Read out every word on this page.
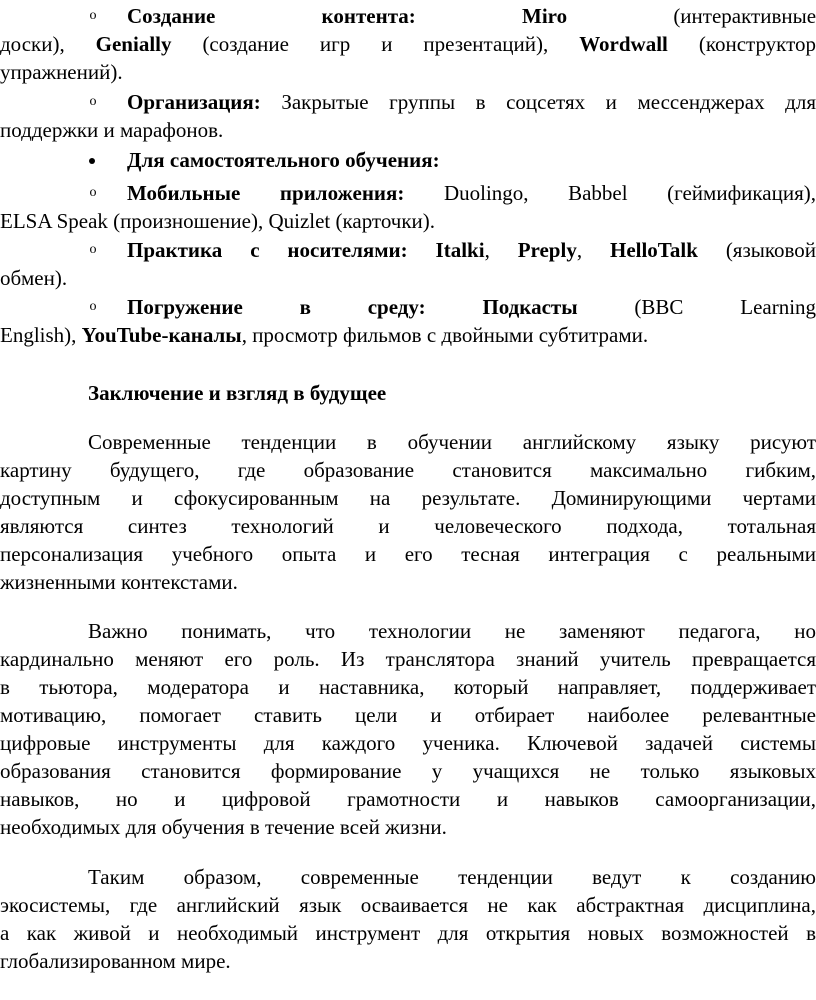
o Создание контента:	Miro	(интерактивные
доски), Genially (создание игр и презентаций), Wordwall (конструктор
упражнений).
o Организация: Закрытые группы в соцсетях и мессенджерах для
поддержки и марафонов.
Для самостоятельного обучения:
o Мобильные приложения: Duolingo, Babbel (геймификация),
ELSA Speak (произношение), Quizlet (карточки).
o Практика с носителями: Italki, Preply, HelloTalk (языковой
обмен).
o Погружение в среду:	Подкасты	(BBC Learning
English), YouTube-каналы, просмотр фильмов с двойными субтитрами.
Заключение и взгляд в будущее
Современные тенденции в обучении английскому языку рисуют
картину будущего, где образование становится максимально гибким,
доступным и сфокусированным на результате. Доминирующими чертами
являются синтез технологий и человеческого подхода, тотальная
персонализация учебного опыта и его тесная интеграция с реальными
жизненными контекстами.
Важно понимать, что технологии не заменяют педагога, но
кардинально меняют его роль. Из транслятора знаний учитель превращается
в тьютора, модератора и наставника, который направляет, поддерживает
мотивацию, помогает ставить цели и отбирает наиболее релевантные
цифровые инструменты для каждого ученика. Ключевой задачей системы
образования становится формирование у учащихся не только языковых
навыков, но и цифровой грамотности и навыков самоорганизации,
необходимых для обучения в течение всей жизни.
Таким образом, современные тенденции ведут к созданию
экосистемы, где английский язык осваивается не как абстрактная дисциплина,
а как живой и необходимый инструмент для открытия новых возможностей в
глобализированном мире.
